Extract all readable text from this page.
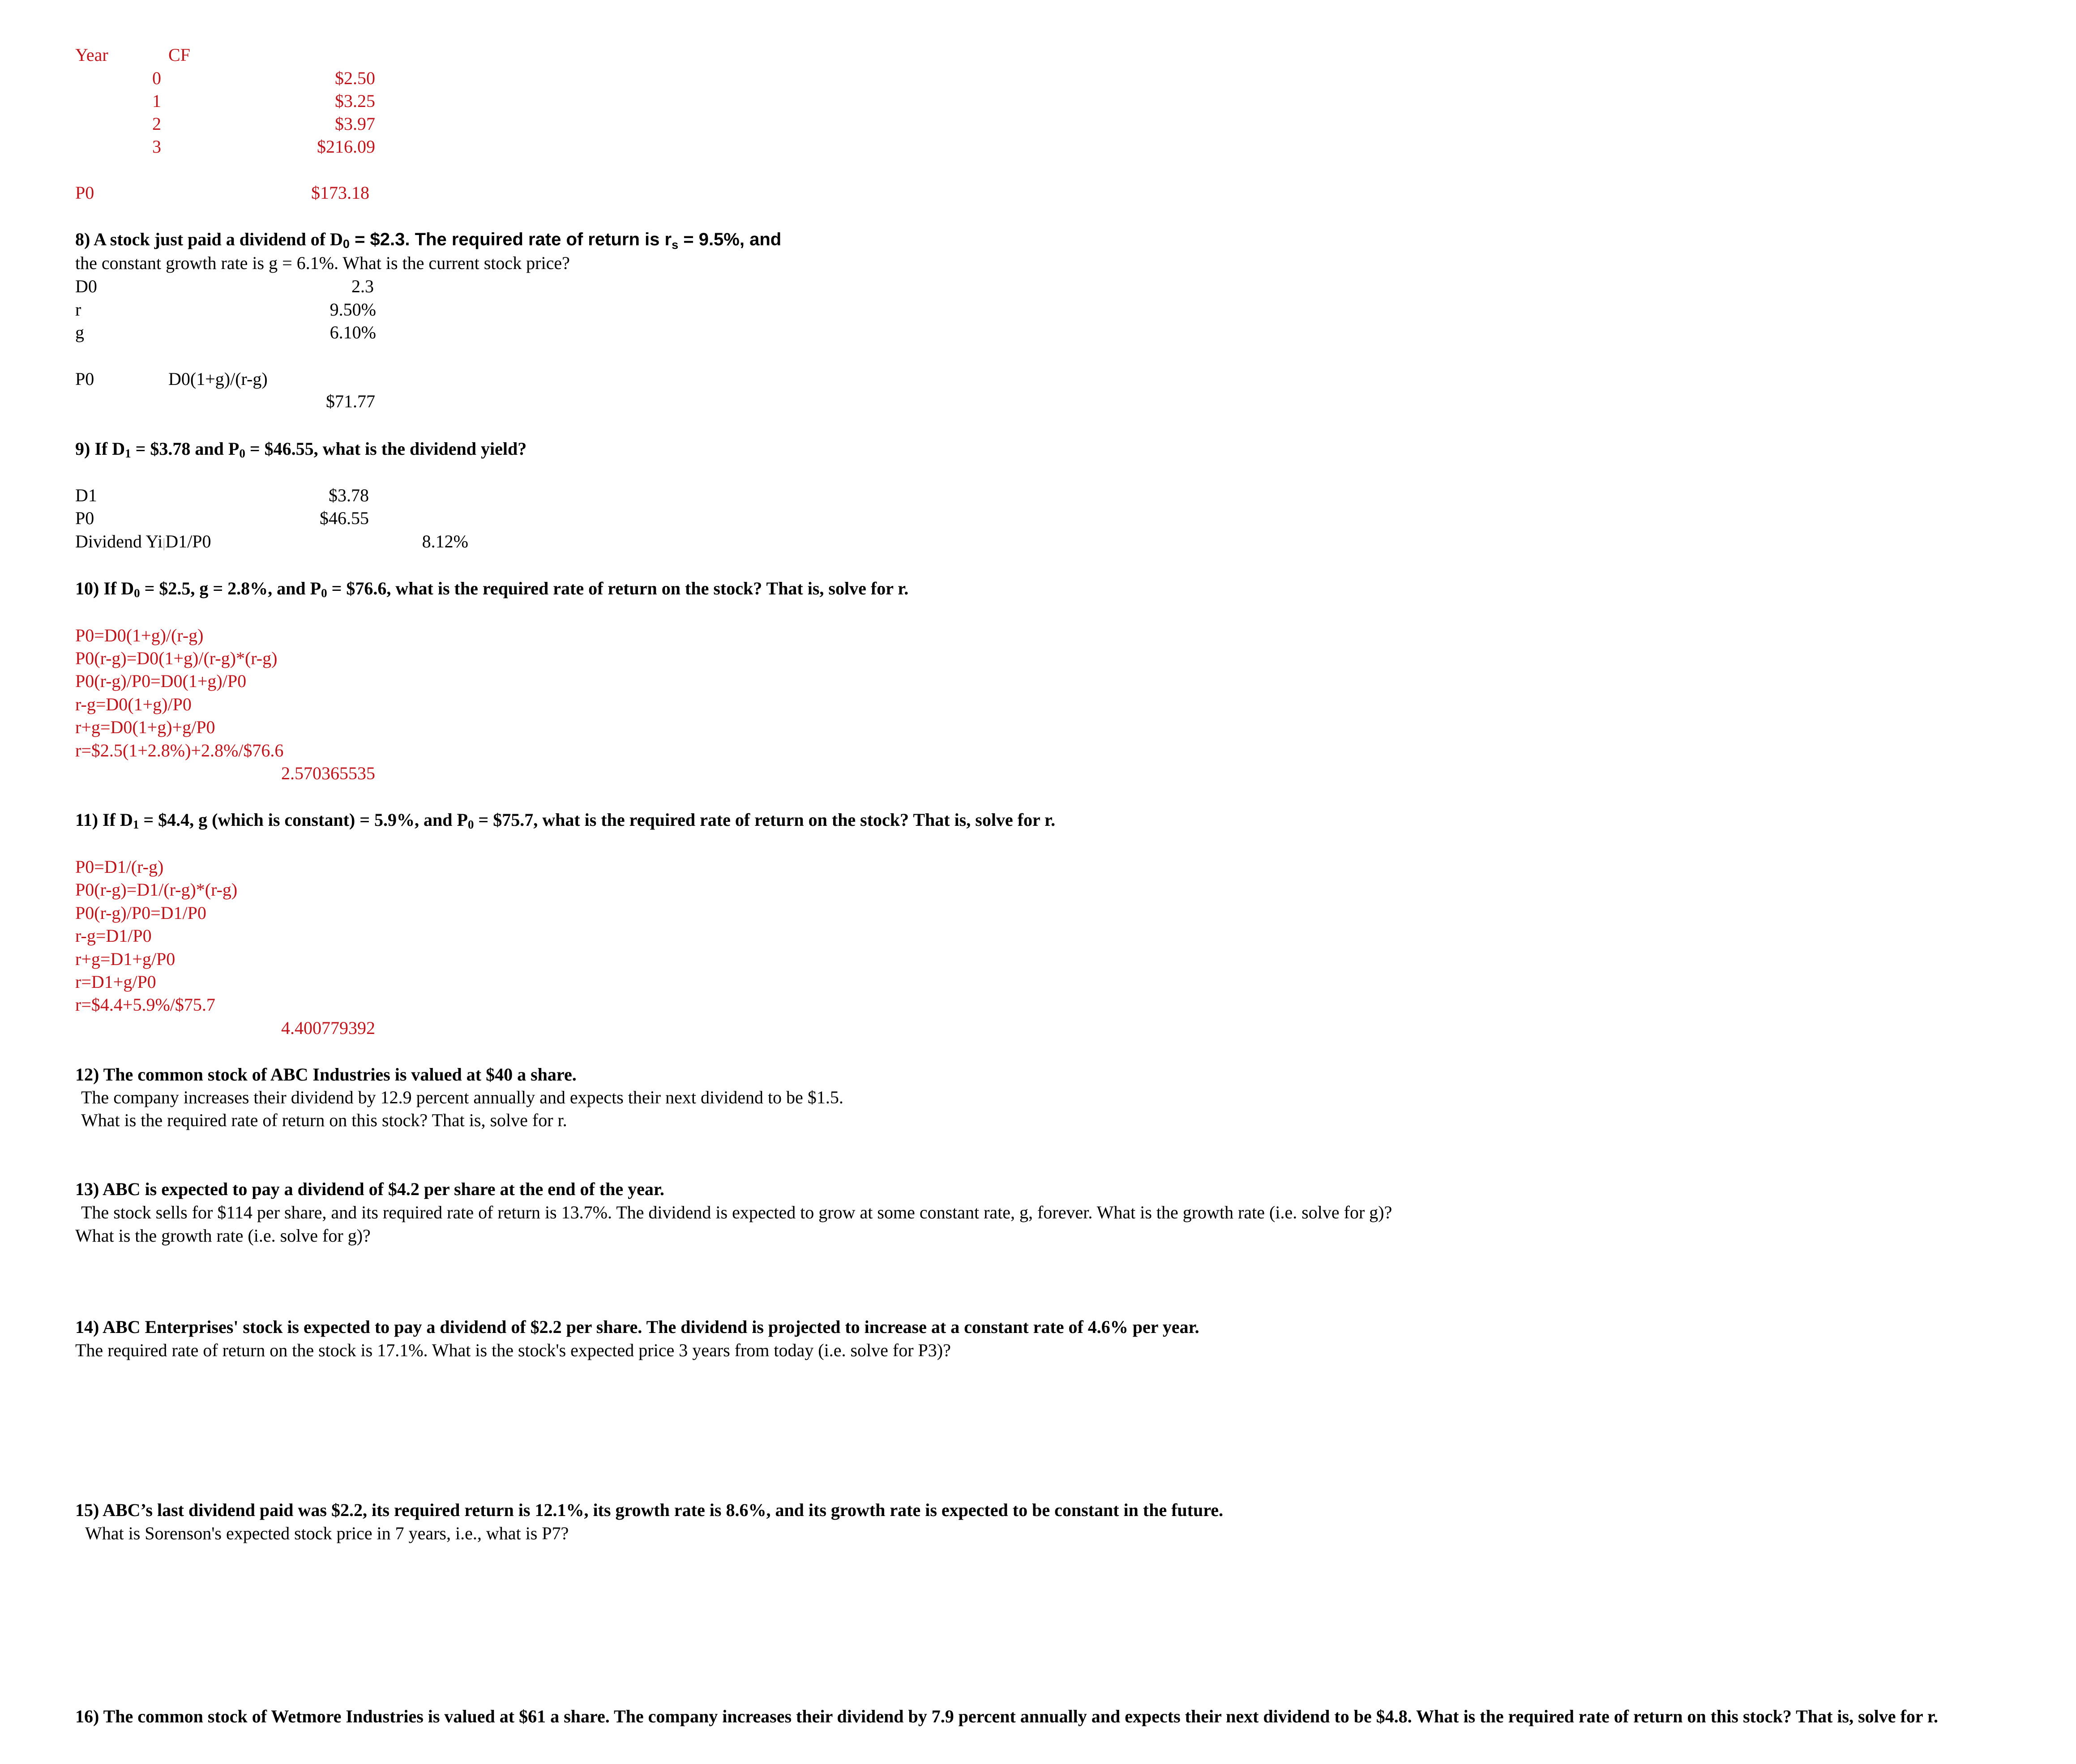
Year	CF
0	$2.50
1	$3.25
2	$3.97
3	$216.09
P0	$173.18
8) A stock just paid a dividend of $D_0$ = $2.3. The required rate of return is $r_s = 9.5\%$, and
the constant growth rate is g = 6.1%. What is the current stock price?
D0	2.3
r	9.50%
g	6.10%
P0	D0(1+g)/(r-g)
$71.77
9) If $D_1$ = $3.78 and $P_0$ = $46.55, what is the dividend yield?
D1	$3.78
P0	$46.55
Dividend Yi|D1/P0	8.12%
10) If $D_0$ = $2.5, g = 2.8%, and $P_0$ = $76.6, what is the required rate of return on the stock? That is, solve for r.
P0=D0(1+g)/(r-g)
P0(r-g)=D0(1+g)/(r-g)*(r-g)
P0(r-g)/P0=D0(1+g)/P0
r-g=D0(1+g)/P0
r+g=D0(1+g)+g/P0
r=$2.5(1+2.8%)+2.8%/$76.6
2.570365535
11) If $D_1$ = $4.4, g (which is constant) = 5.9%, and $P_0$ = $75.7, what is the required rate of return on the stock? That is, solve for r.
P0=D1/(r-g)
P0(r-g)=D1/(r-g)*(r-g)
P0(r-g)/P0=D1/P0
r-g=D1/P0
r+g=D1+g/P0
r=D1+g/P0
r=$4.4+5.9%/$75.7
4.400779392
12) The common stock of ABC Industries is valued at $40 a share.
The company increases their dividend by 12.9 percent annually and expects their next dividend to be $1.5.
What is the required rate of return on this stock? That is, solve for r.
13) ABC is expected to pay a dividend of $4.2 per share at the end of the year.
The stock sells for $114 per share, and its required rate of return is 13.7%. The dividend is expected to grow at some constant rate, g, forever. What is the growth rate (i.e. solve for g)?
What is the growth rate (i.e. solve for g)?
14) ABC Enterprises' stock is expected to pay a dividend of $2.2 per share. The dividend is projected to increase at a constant rate of 4.6% per year.
The required rate of return on the stock is 17.1%. What is the stock's expected price 3 years from today (i.e. solve for P3)?
15) ABC’s last dividend paid was $2.2, its required return is 12.1%, its growth rate is 8.6%, and its growth rate is expected to be constant in the future.
What is Sorenson's expected stock price in 7 years, i.e., what is P7?
16) The common stock of Wetmore Industries is valued at $61 a share. The company increases their dividend by 7.9 percent annually and expects their next dividend to be $4.8. What is the required rate of return on this stock? That is, solve for r.
